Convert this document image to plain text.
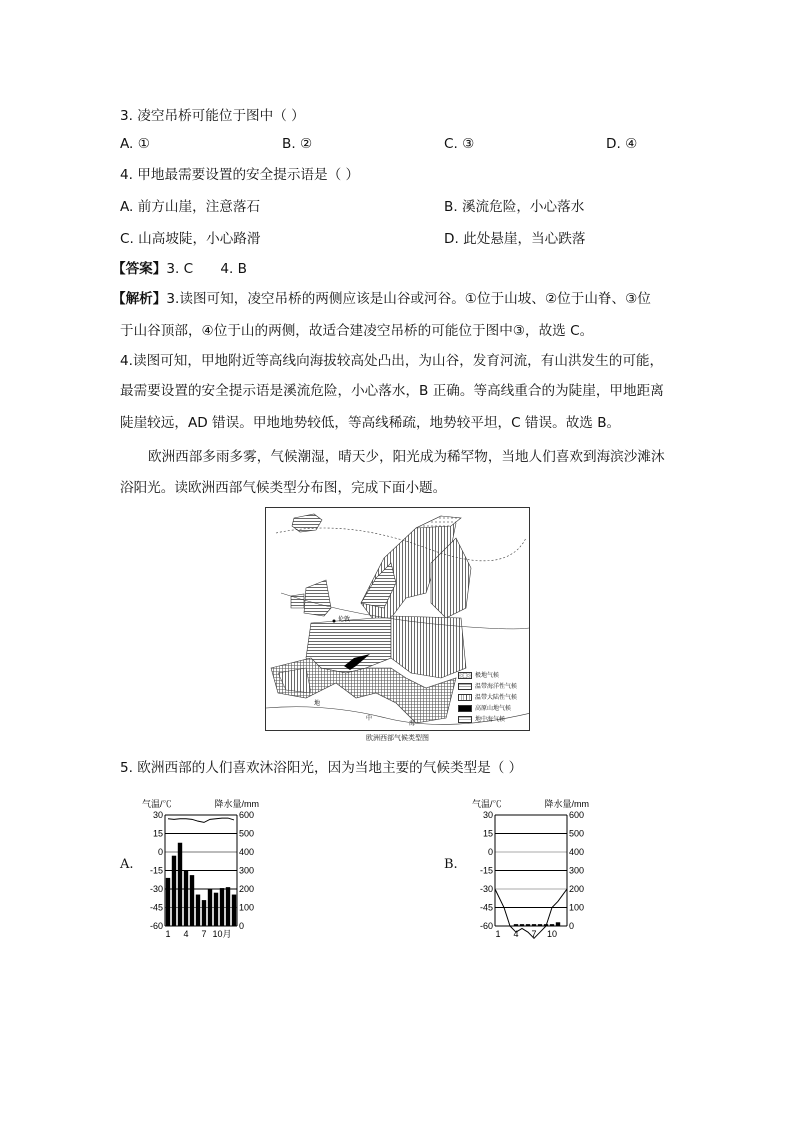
3. 凌空吊桥可能位于图中（ ）
A. ①	B. ②	C. ③	D. ④
4. 甲地最需要设置的安全提示语是（ ）
A. 前方山崖，注意落石	B. 溪流危险，小心落水
C. 山高坡陡，小心路滑	D. 此处悬崖，当心跌落
【答案】3. C　　4. B
【解析】3.读图可知，凌空吊桥的两侧应该是山谷或河谷。①位于山坡、②位于山脊、③位
于山谷顶部，④位于山的两侧，故适合建凌空吊桥的可能位于图中③，故选 C。
4.读图可知，甲地附近等高线向海拔较高处凸出，为山谷，发育河流，有山洪发生的可能，
最需要设置的安全提示语是溪流危险，小心落水，B 正确。等高线重合的为陡崖，甲地距离
陡崖较远，AD 错误。甲地地势较低，等高线稀疏，地势较平坦，C 错误。故选 B。
欧洲西部多雨多雾，气候潮湿，晴天少，阳光成为稀罕物，当地人们喜欢到海滨沙滩沐
浴阳光。读欧洲西部气候类型分布图，完成下面小题。
伦敦
地
中
海
极地气候
温带海洋性气候
温带大陆性气候
高原山地气候
地中海气候
欧洲西部气候类型图
5. 欧洲西部的人们喜欢沐浴阳光，因为当地主要的气候类型是（ ）
A.	B.
气温/℃	降水量/mm
30	600
15	500
0	400
-15	300
-30	200
-45	100
-60	0
1 4 7 10月
气温/℃	降水量/mm
30	600
15	500
0	400
-15	300
-30	200
-45	100
-60	0
1 4 7 10
